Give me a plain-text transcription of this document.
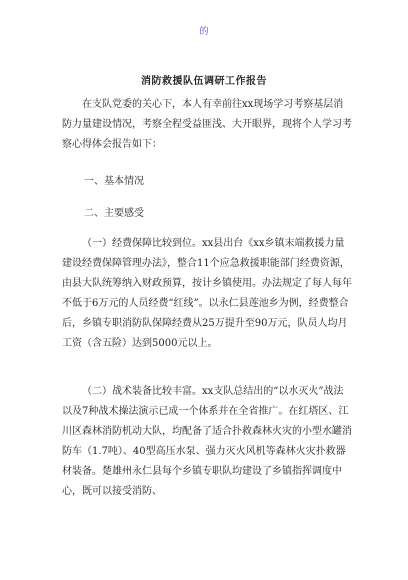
的
消防救援队伍调研工作报告

在支队党委的关心下，本人有幸前往xx现场学习考察基层消防力量建设情况，考察全程受益匪浅、大开眼界，现将个人学习考察心得体会报告如下：

一、基本情况

二、主要感受

（一）经费保障比较到位。xx县出台《xx乡镇末端救援力量建设经费保障管理办法》，整合11个应急救援职能部门经费资源，由县大队统筹纳入财政预算，按计乡镇使用。办法规定了每人每年不低于6万元的人员经费“红线”。以永仁县莲池乡为例，经费整合后，乡镇专职消防队保障经费从25万提升至90万元，队员人均月工资（含五险）达到5000元以上。

（二）战术装备比较丰富。xx支队总结出的“以水灭火”战法以及7种战术操法演示已成一个体系并在全省推广。在红塔区、江川区森林消防机动大队，均配备了适合扑救森林火灾的小型水罐消防车（1.7吨）、40型高压水泵、强力灭火风机等森林火灾扑救器材装备。楚雄州永仁县每个乡镇专职队均建设了乡镇指挥调度中心，既可以接受消防、
